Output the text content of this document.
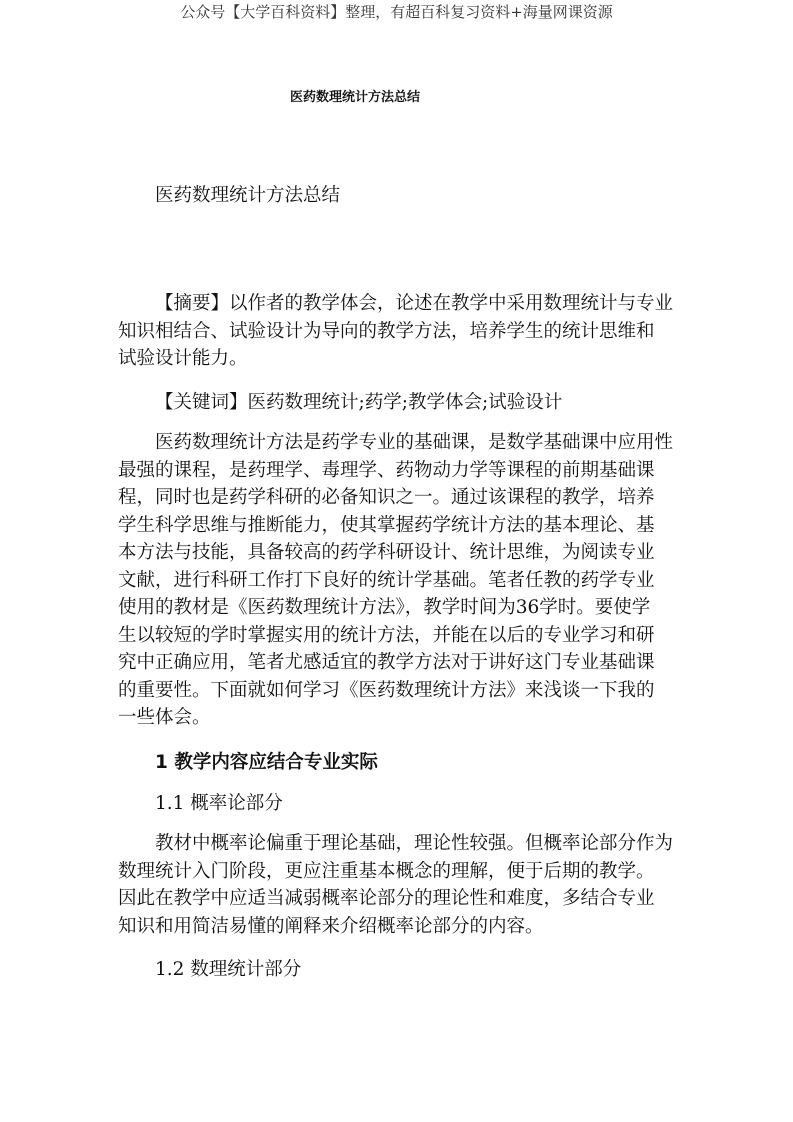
公众号【大学百科资料】整理，有超百科复习资料+海量网课资源
医药数理统计方法总结
医药数理统计方法总结
【摘要】以作者的教学体会，论述在教学中采用数理统计与专业
知识相结合、试验设计为导向的教学方法，培养学生的统计思维和
试验设计能力。
【关键词】医药数理统计;药学;教学体会;试验设计
医药数理统计方法是药学专业的基础课，是数学基础课中应用性
最强的课程，是药理学、毒理学、药物动力学等课程的前期基础课
程，同时也是药学科研的必备知识之一。通过该课程的教学，培养
学生科学思维与推断能力，使其掌握药学统计方法的基本理论、基
本方法与技能，具备较高的药学科研设计、统计思维，为阅读专业
文献，进行科研工作打下良好的统计学基础。笔者任教的药学专业
使用的教材是《医药数理统计方法》，教学时间为36学时。要使学
生以较短的学时掌握实用的统计方法，并能在以后的专业学习和研
究中正确应用，笔者尤感适宜的教学方法对于讲好这门专业基础课
的重要性。下面就如何学习《医药数理统计方法》来浅谈一下我的
一些体会。
1 教学内容应结合专业实际
1.1 概率论部分
教材中概率论偏重于理论基础，理论性较强。但概率论部分作为
数理统计入门阶段，更应注重基本概念的理解，便于后期的教学。
因此在教学中应适当减弱概率论部分的理论性和难度，多结合专业
知识和用简洁易懂的阐释来介绍概率论部分的内容。
1.2 数理统计部分
